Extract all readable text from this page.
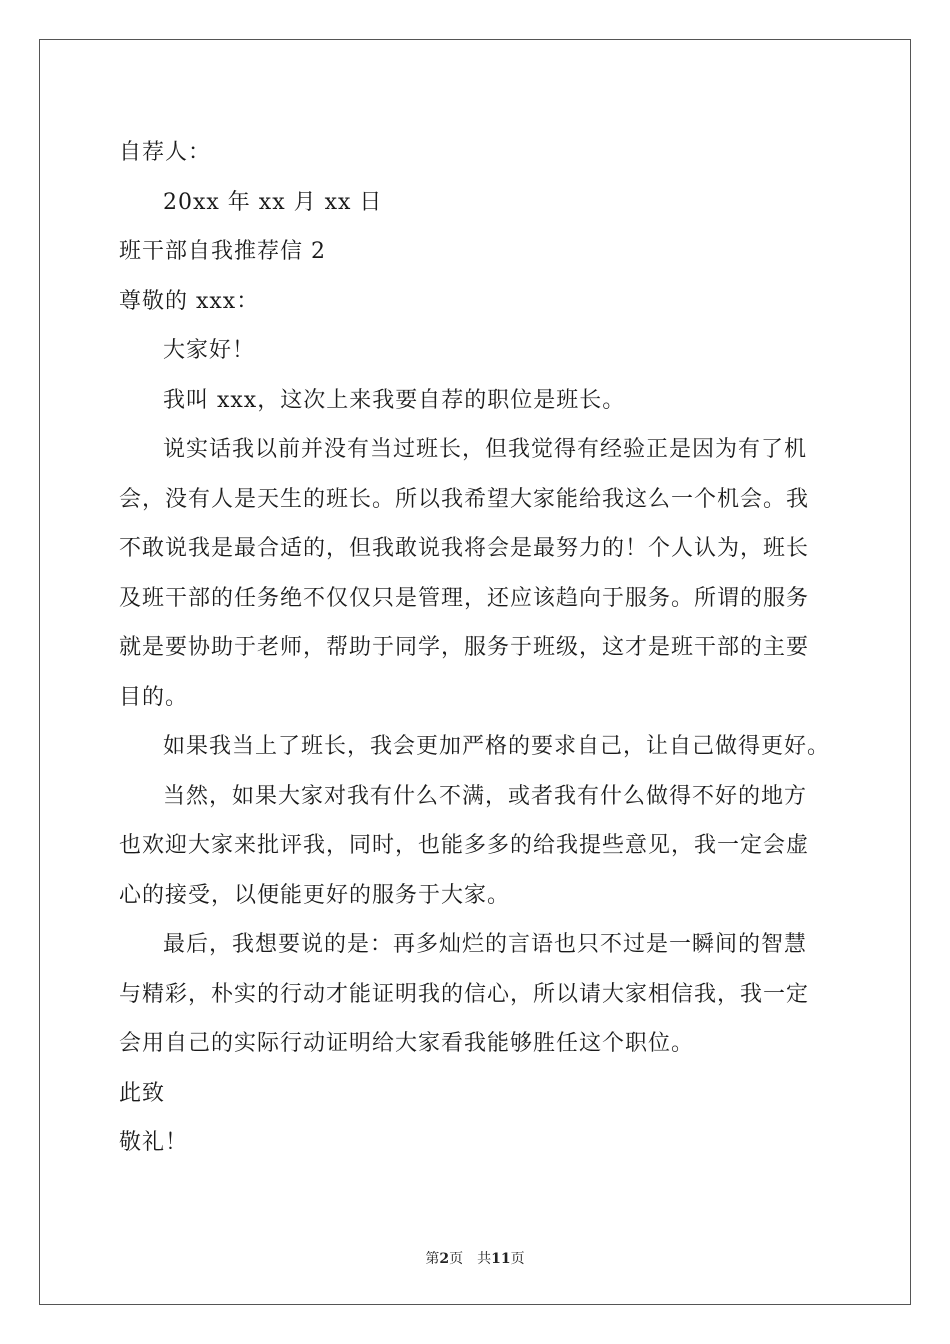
自荐人：
20xx 年 xx 月 xx 日
班干部自我推荐信 2
尊敬的 xxx：
大家好！
我叫 xxx，这次上来我要自荐的职位是班长。
说实话我以前并没有当过班长，但我觉得有经验正是因为有了机
会，没有人是天生的班长。所以我希望大家能给我这么一个机会。我
不敢说我是最合适的，但我敢说我将会是最努力的！个人认为，班长
及班干部的任务绝不仅仅只是管理，还应该趋向于服务。所谓的服务
就是要协助于老师，帮助于同学，服务于班级，这才是班干部的主要
目的。
如果我当上了班长，我会更加严格的要求自己，让自己做得更好。
当然，如果大家对我有什么不满，或者我有什么做得不好的地方
也欢迎大家来批评我，同时，也能多多的给我提些意见，我一定会虚
心的接受，以便能更好的服务于大家。
最后，我想要说的是：再多灿烂的言语也只不过是一瞬间的智慧
与精彩，朴实的行动才能证明我的信心，所以请大家相信我，我一定
会用自己的实际行动证明给大家看我能够胜任这个职位。
此致
敬礼！
第2页 共11页
